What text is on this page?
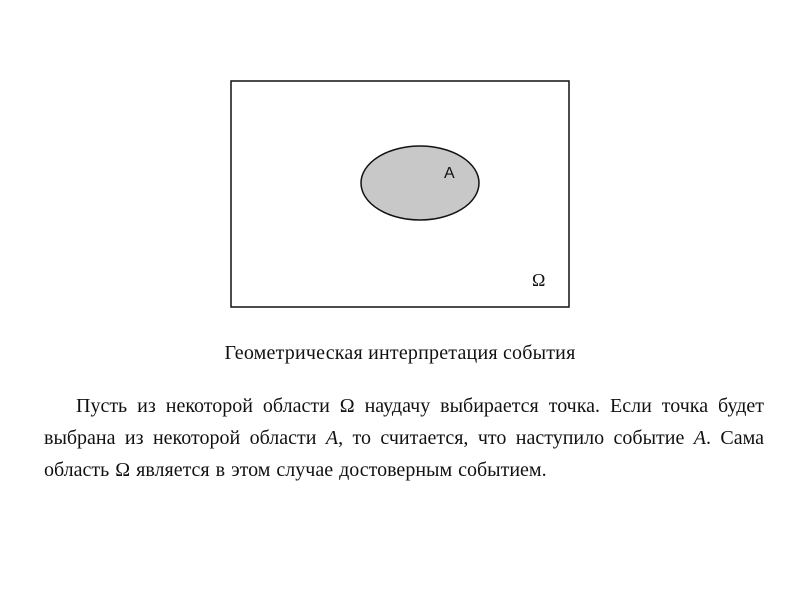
A
Ω
Геометрическая интерпретация события
Пусть из некоторой области Ω наудачу выбирается точка. Если точка будет выбрана из некоторой области A, то считается, что наступило событие A. Сама область Ω является в этом случае достоверным событием.
